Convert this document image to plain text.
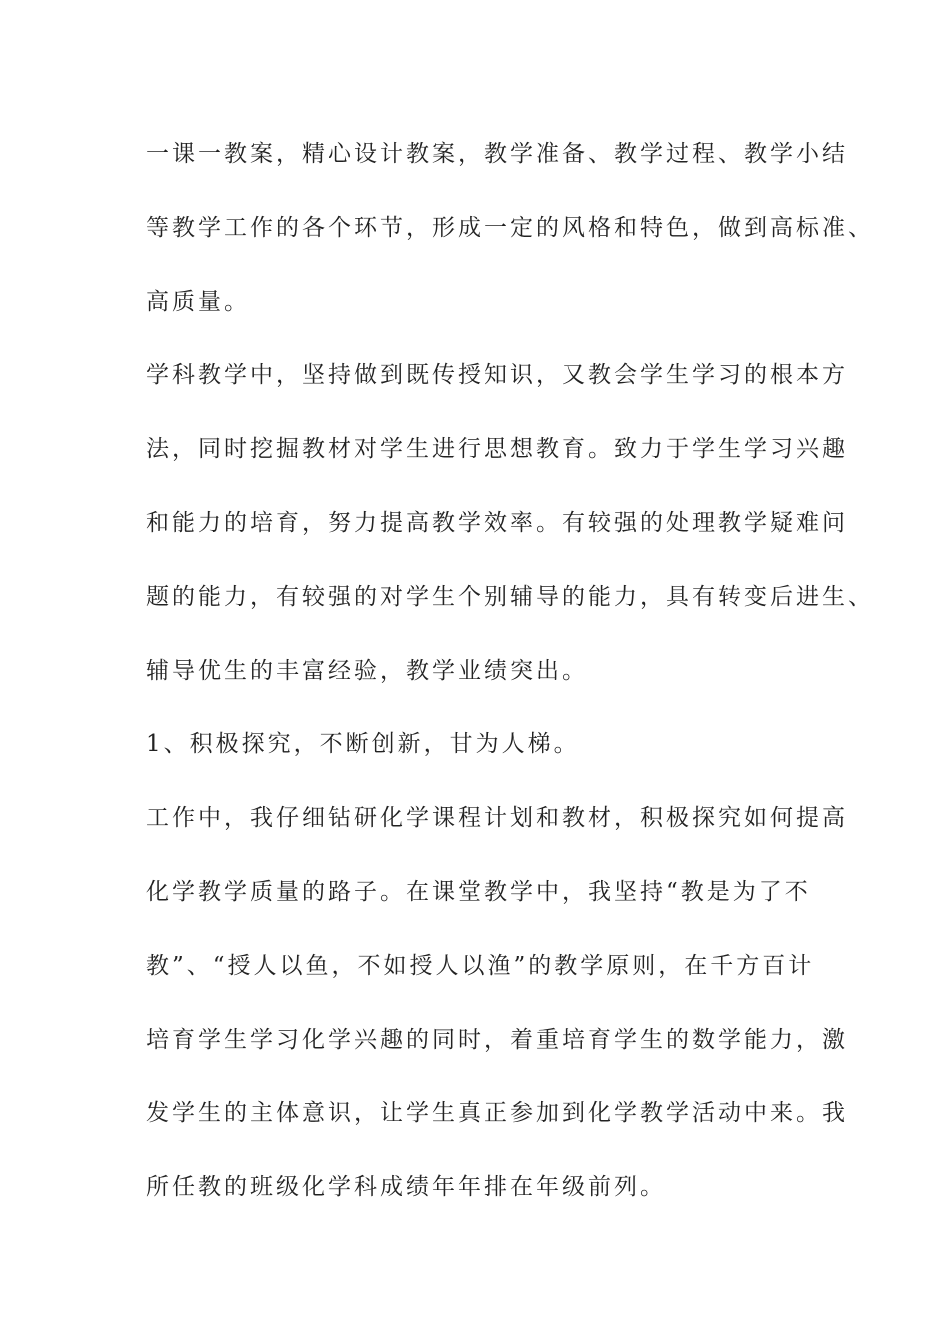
一课一教案，精心设计教案，教学准备、教学过程、教学小结
等教学工作的各个环节，形成一定的风格和特色，做到高标准、
高质量。
学科教学中，坚持做到既传授知识，又教会学生学习的根本方
法，同时挖掘教材对学生进行思想教育。致力于学生学习兴趣
和能力的培育，努力提高教学效率。有较强的处理教学疑难问
题的能力，有较强的对学生个别辅导的能力，具有转变后进生、
辅导优生的丰富经验，教学业绩突出。
1、积极探究，不断创新，甘为人梯。
工作中，我仔细钻研化学课程计划和教材，积极探究如何提高
化学教学质量的路子。在课堂教学中，我坚持“教是为了不
教”、“授人以鱼，不如授人以渔”的教学原则，在千方百计
培育学生学习化学兴趣的同时，着重培育学生的数学能力，激
发学生的主体意识，让学生真正参加到化学教学活动中来。我
所任教的班级化学科成绩年年排在年级前列。
